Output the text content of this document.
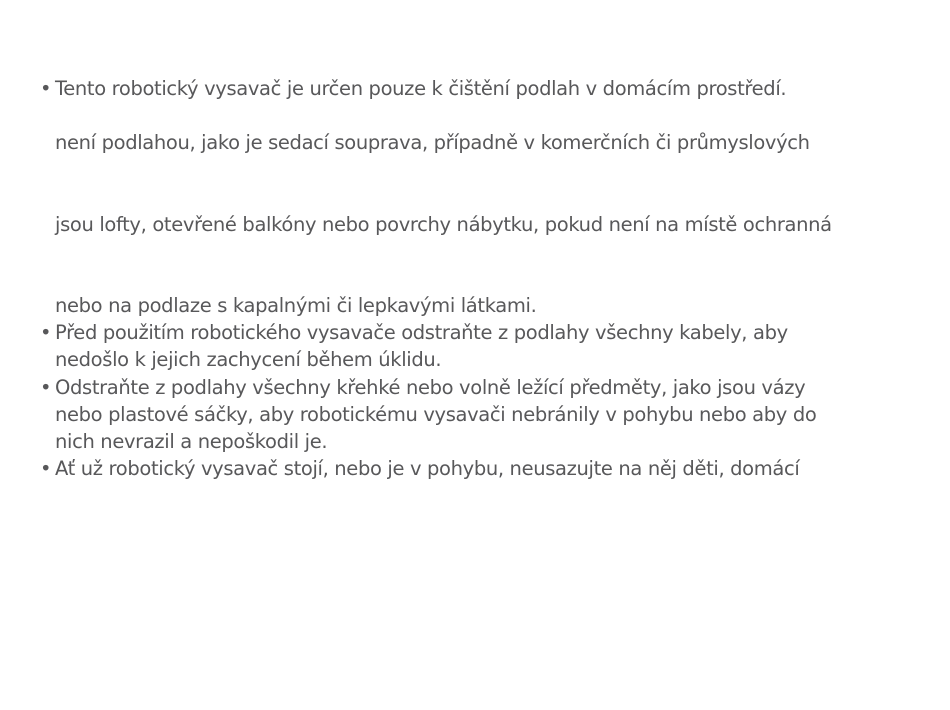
• Tento robotický vysavač je určen pouze k čištění podlah v domácím prostředí.
není podlahou, jako je sedací souprava, případně v komerčních či průmyslových
jsou lofty, otevřené balkóny nebo povrchy nábytku, pokud není na místě ochranná
nebo na podlaze s kapalnými či lepkavými látkami.
• Před použitím robotického vysavače odstraňte z podlahy všechny kabely, aby
nedošlo k jejich zachycení během úklidu.
• Odstraňte z podlahy všechny křehké nebo volně ležící předměty, jako jsou vázy
nebo plastové sáčky, aby robotickému vysavači nebránily v pohybu nebo aby do
nich nevrazil a nepoškodil je.
• Ať už robotický vysavač stojí, nebo je v pohybu, neusazujte na něj děti, domácí
